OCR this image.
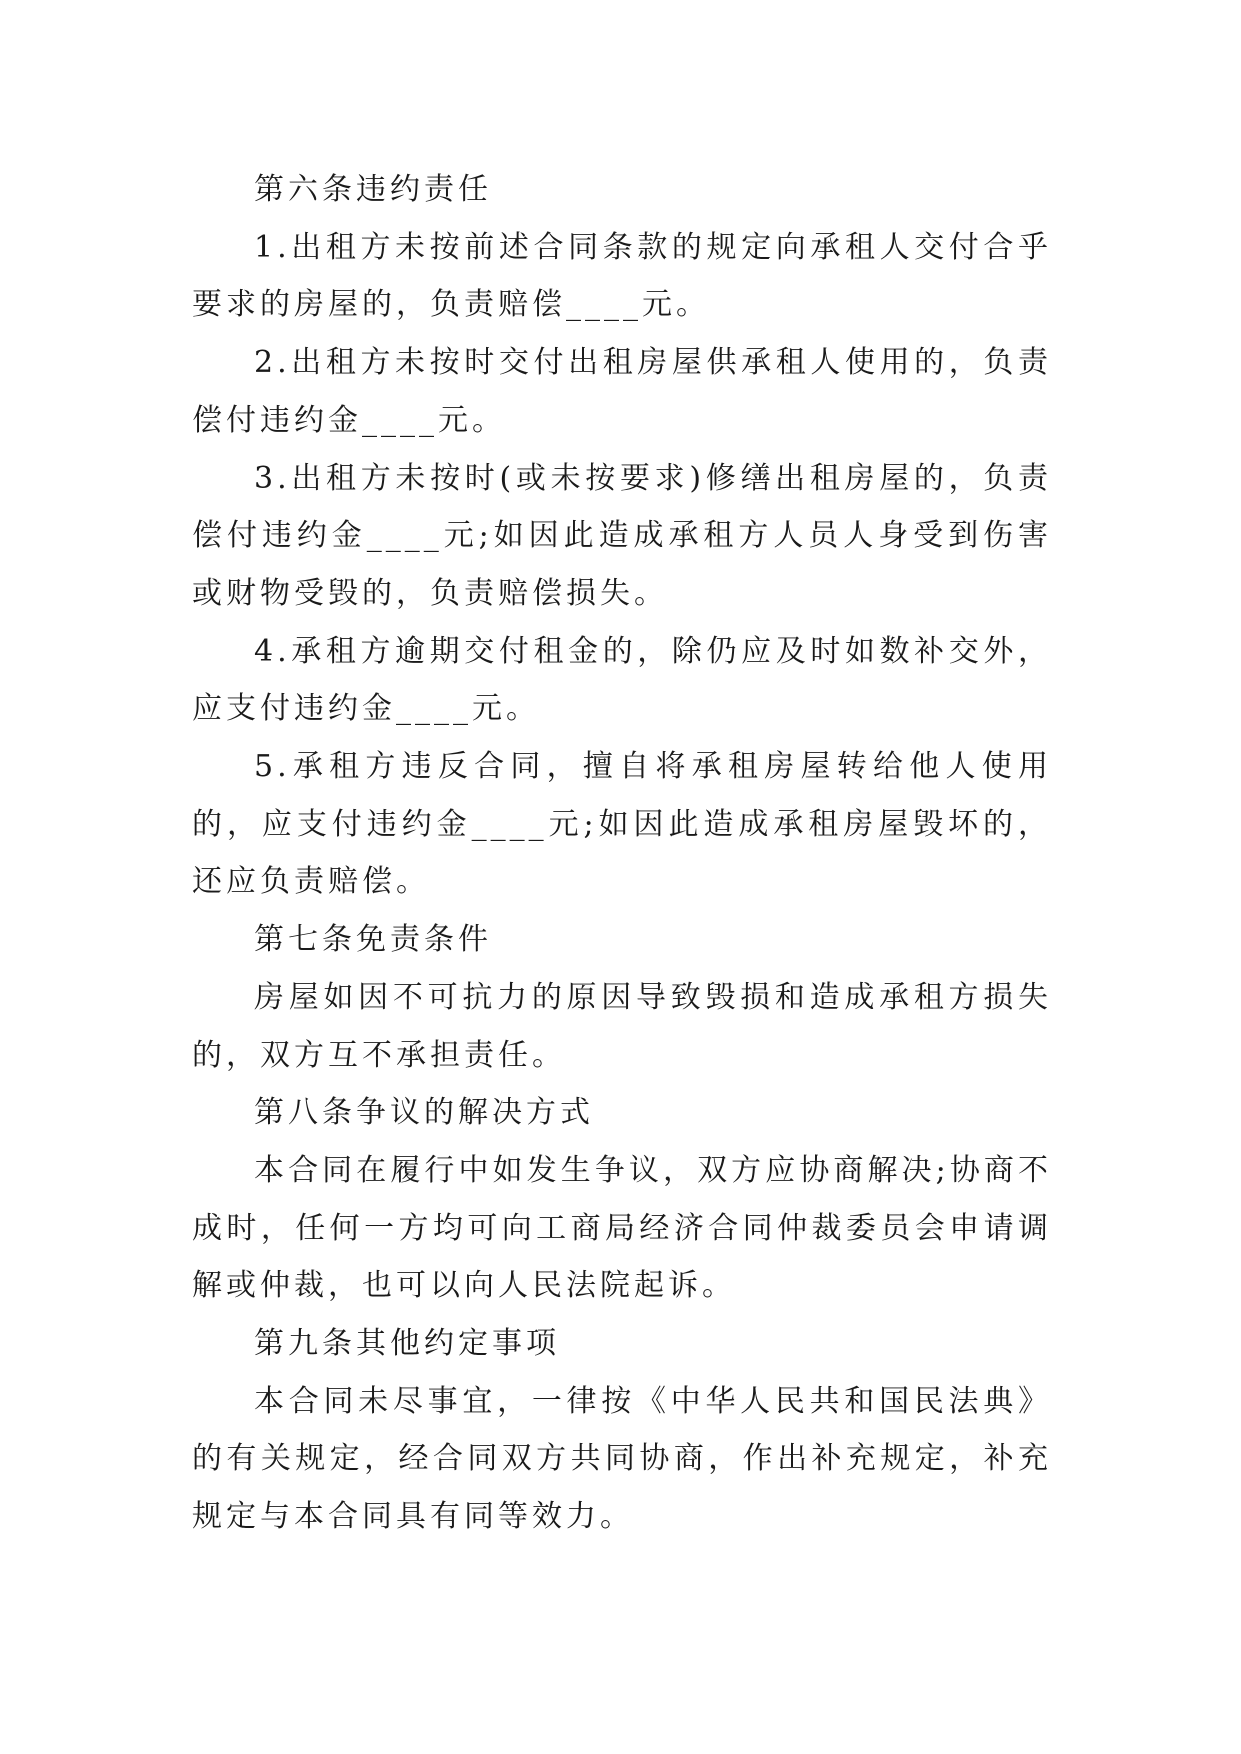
第六条违约责任

1.出租方未按前述合同条款的规定向承租人交付合乎要求的房屋的，负责赔偿____元。

2.出租方未按时交付出租房屋供承租人使用的，负责偿付违约金____元。

3.出租方未按时(或未按要求)修缮出租房屋的，负责偿付违约金____元;如因此造成承租方人员人身受到伤害或财物受毁的，负责赔偿损失。

4.承租方逾期交付租金的，除仍应及时如数补交外，应支付违约金____元。

5.承租方违反合同，擅自将承租房屋转给他人使用的，应支付违约金____元;如因此造成承租房屋毁坏的，还应负责赔偿。

第七条免责条件

房屋如因不可抗力的原因导致毁损和造成承租方损失的，双方互不承担责任。

第八条争议的解决方式

本合同在履行中如发生争议，双方应协商解决;协商不成时，任何一方均可向工商局经济合同仲裁委员会申请调解或仲裁，也可以向人民法院起诉。

第九条其他约定事项

本合同未尽事宜，一律按《中华人民共和国民法典》的有关规定，经合同双方共同协商，作出补充规定，补充规定与本合同具有同等效力。
